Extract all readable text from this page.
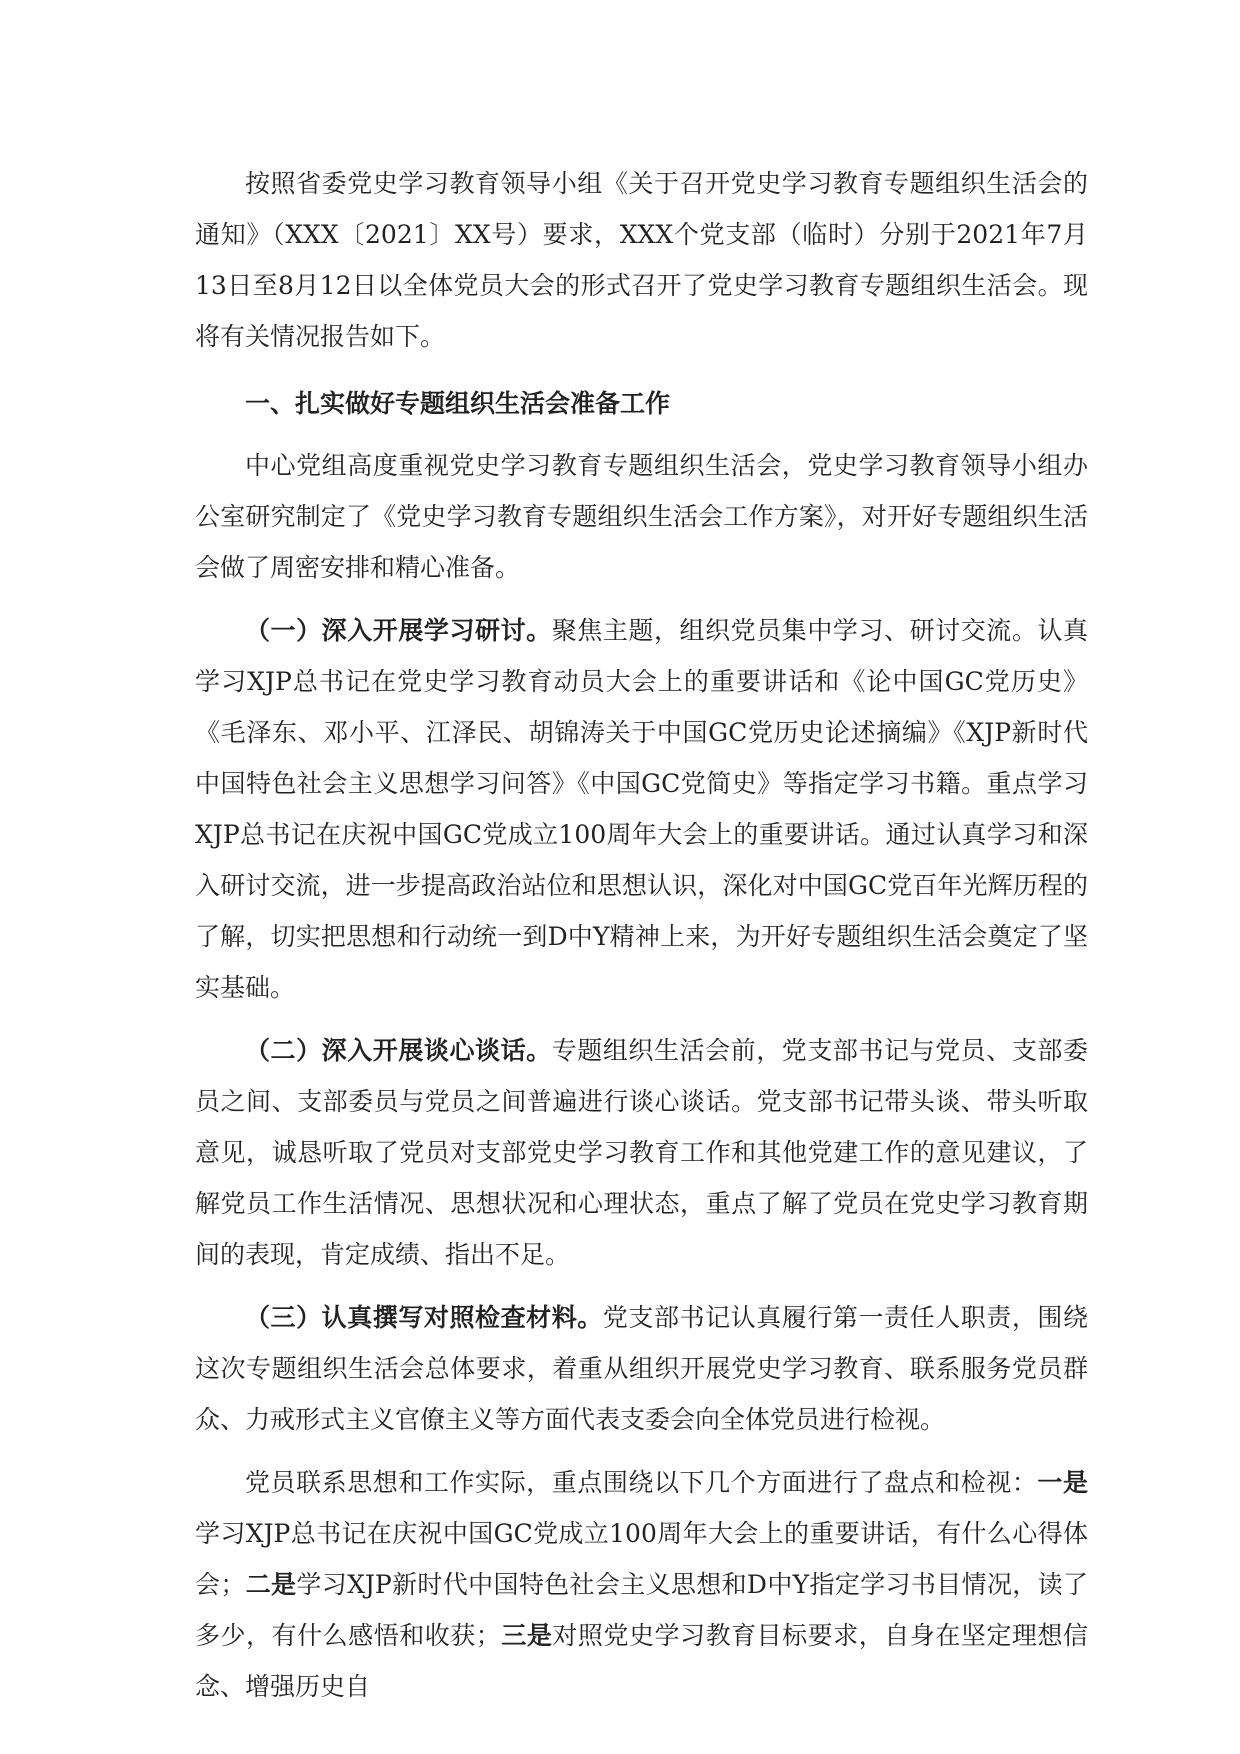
按照省委党史学习教育领导小组《关于召开党史学习教育专题组织生活会的通知》（XXX〔2021〕XX号）要求，XXX个党支部（临时）分别于2021年7月13日至8月12日以全体党员大会的形式召开了党史学习教育专题组织生活会。现将有关情况报告如下。

一、扎实做好专题组织生活会准备工作

中心党组高度重视党史学习教育专题组织生活会，党史学习教育领导小组办公室研究制定了《党史学习教育专题组织生活会工作方案》，对开好专题组织生活会做了周密安排和精心准备。

（一）深入开展学习研讨。聚焦主题，组织党员集中学习、研讨交流。认真学习XJP总书记在党史学习教育动员大会上的重要讲话和《论中国GC党历史》《毛泽东、邓小平、江泽民、胡锦涛关于中国GC党历史论述摘编》《XJP新时代中国特色社会主义思想学习问答》《中国GC党简史》等指定学习书籍。重点学习XJP总书记在庆祝中国GC党成立100周年大会上的重要讲话。通过认真学习和深入研讨交流，进一步提高政治站位和思想认识，深化对中国GC党百年光辉历程的了解，切实把思想和行动统一到D中Y精神上来，为开好专题组织生活会奠定了坚实基础。

（二）深入开展谈心谈话。专题组织生活会前，党支部书记与党员、支部委员之间、支部委员与党员之间普遍进行谈心谈话。党支部书记带头谈、带头听取意见，诚恳听取了党员对支部党史学习教育工作和其他党建工作的意见建议，了解党员工作生活情况、思想状况和心理状态，重点了解了党员在党史学习教育期间的表现，肯定成绩、指出不足。

（三）认真撰写对照检查材料。党支部书记认真履行第一责任人职责，围绕这次专题组织生活会总体要求，着重从组织开展党史学习教育、联系服务党员群众、力戒形式主义官僚主义等方面代表支委会向全体党员进行检视。

党员联系思想和工作实际，重点围绕以下几个方面进行了盘点和检视：一是学习XJP总书记在庆祝中国GC党成立100周年大会上的重要讲话，有什么心得体会；二是学习XJP新时代中国特色社会主义思想和D中Y指定学习书目情况，读了多少，有什么感悟和收获；三是对照党史学习教育目标要求，自身在坚定理想信念、增强历史自
